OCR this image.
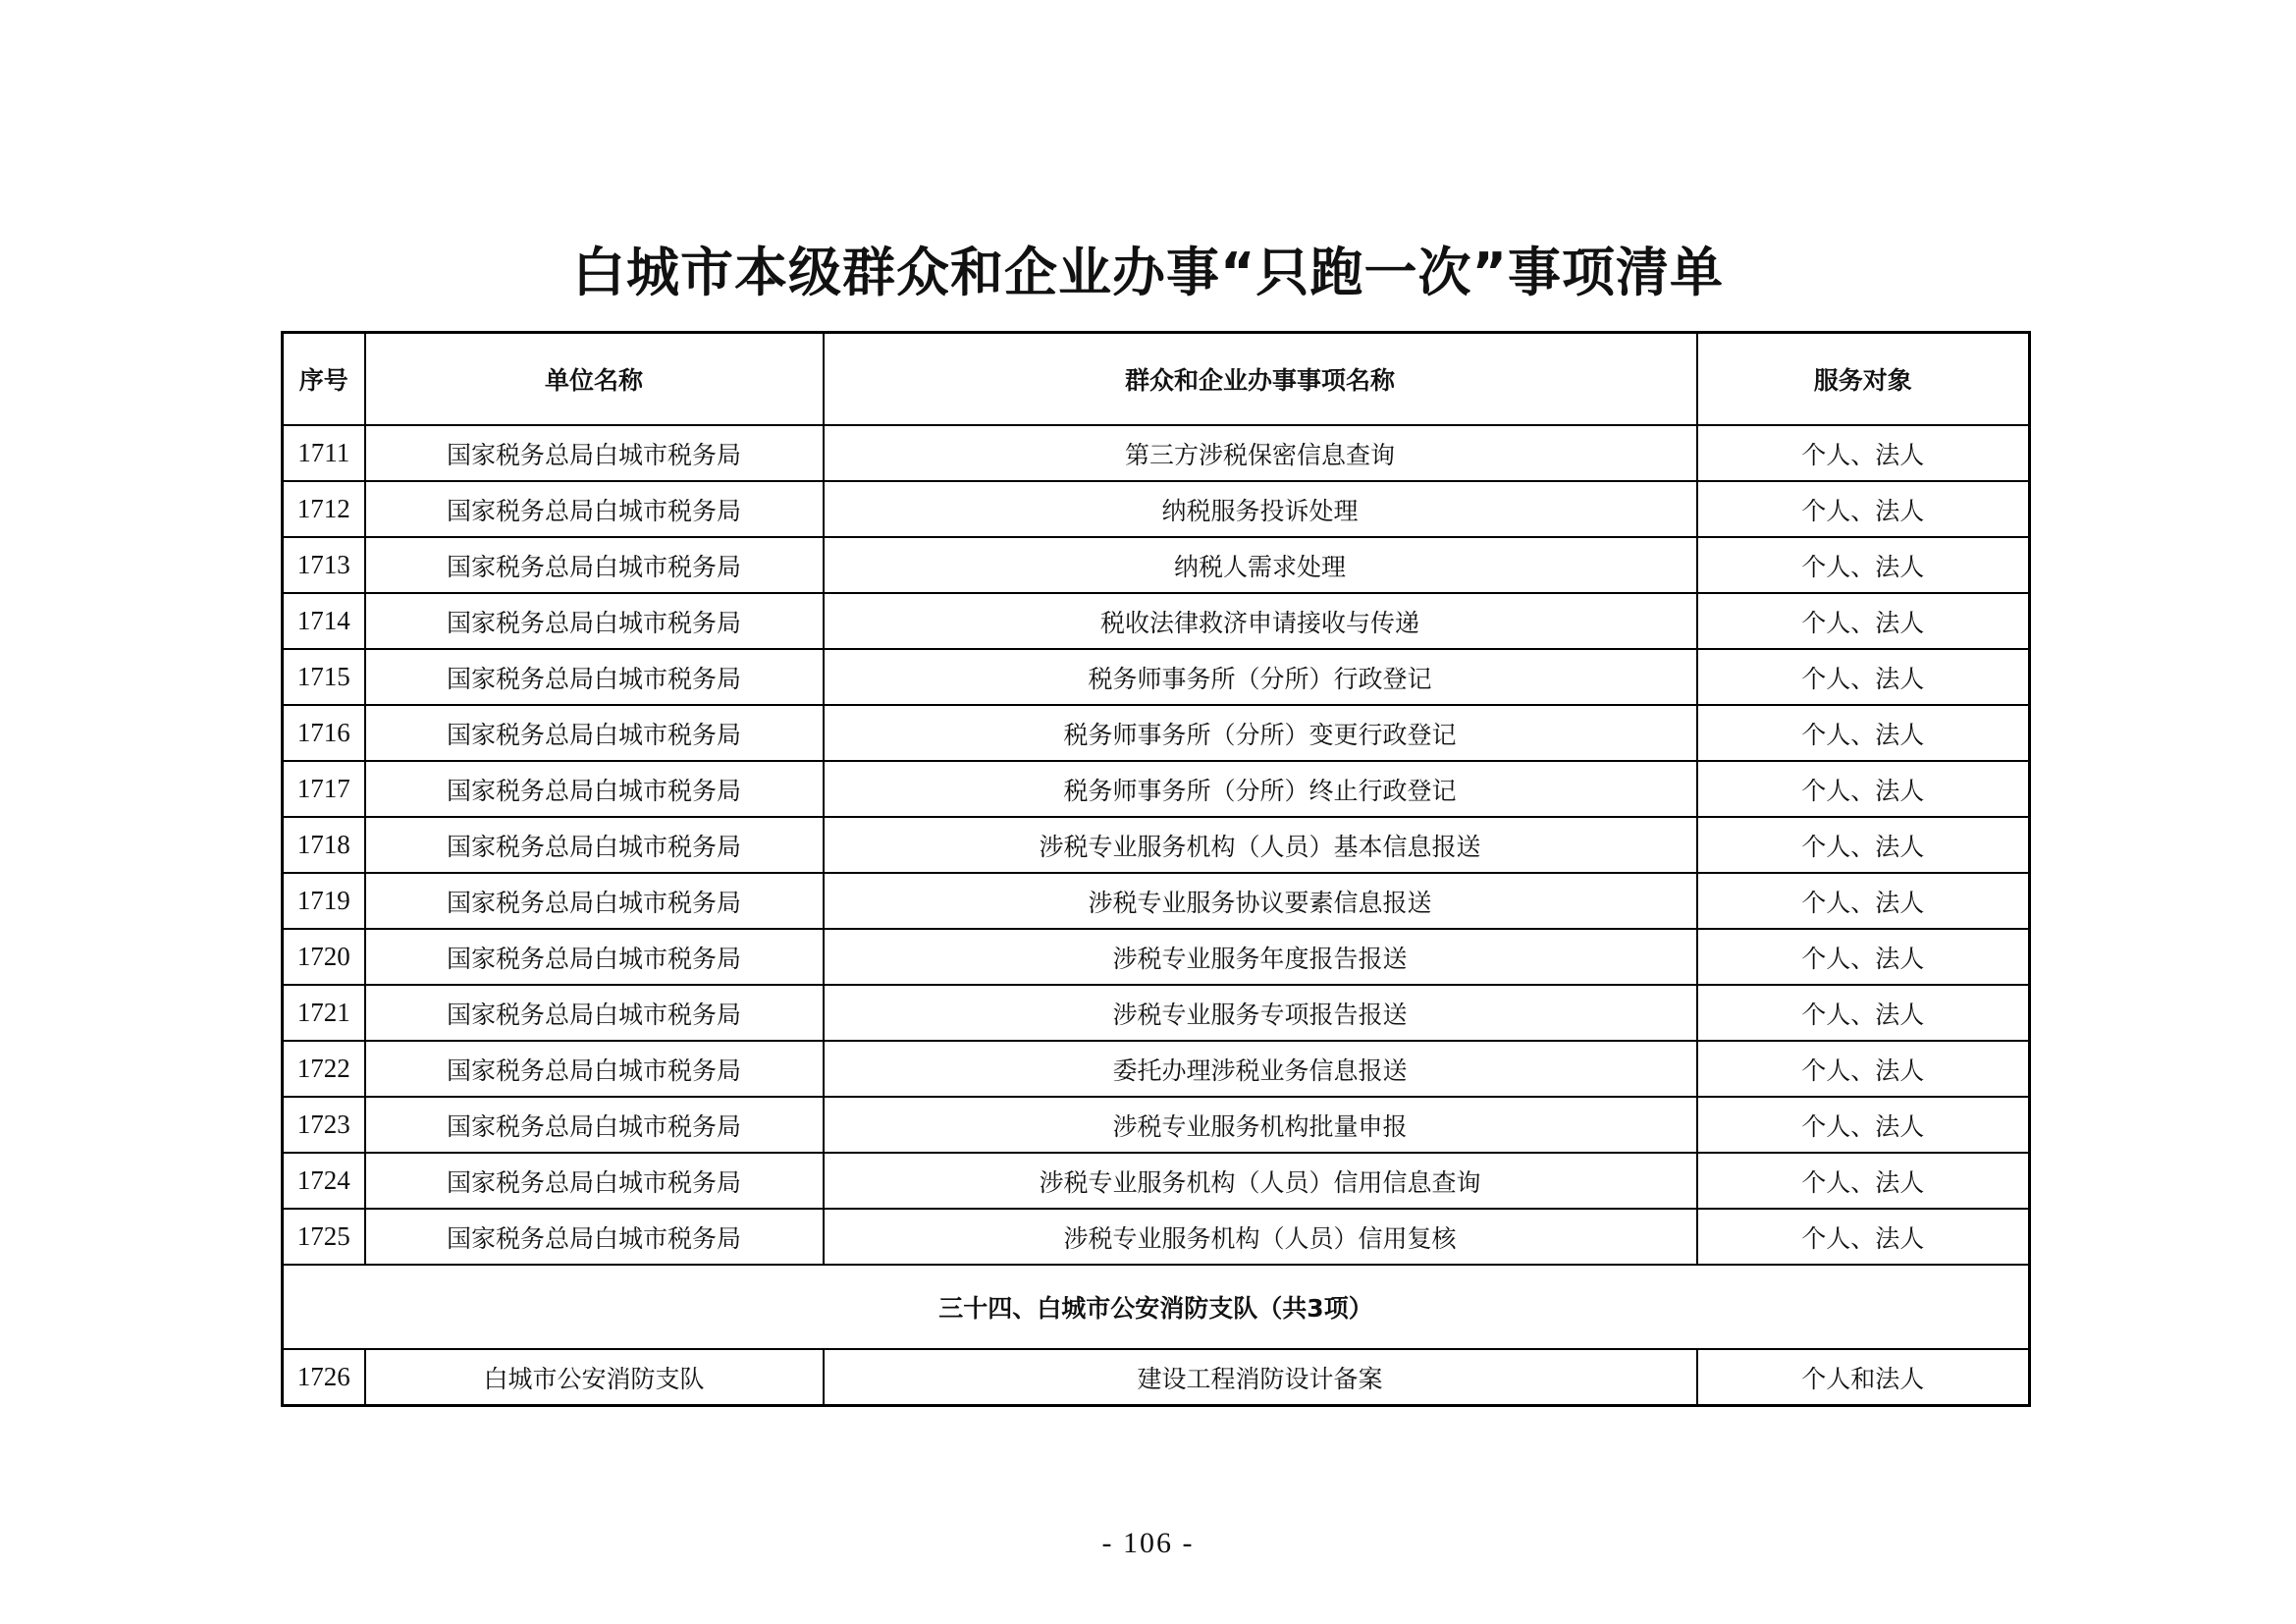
白城市本级群众和企业办事“只跑一次”事项清单
序号	单位名称	群众和企业办事事项名称	服务对象
1711	国家税务总局白城市税务局	第三方涉税保密信息查询	个人、法人
1712	国家税务总局白城市税务局	纳税服务投诉处理	个人、法人
1713	国家税务总局白城市税务局	纳税人需求处理	个人、法人
1714	国家税务总局白城市税务局	税收法律救济申请接收与传递	个人、法人
1715	国家税务总局白城市税务局	税务师事务所（分所）行政登记	个人、法人
1716	国家税务总局白城市税务局	税务师事务所（分所）变更行政登记	个人、法人
1717	国家税务总局白城市税务局	税务师事务所（分所）终止行政登记	个人、法人
1718	国家税务总局白城市税务局	涉税专业服务机构（人员）基本信息报送	个人、法人
1719	国家税务总局白城市税务局	涉税专业服务协议要素信息报送	个人、法人
1720	国家税务总局白城市税务局	涉税专业服务年度报告报送	个人、法人
1721	国家税务总局白城市税务局	涉税专业服务专项报告报送	个人、法人
1722	国家税务总局白城市税务局	委托办理涉税业务信息报送	个人、法人
1723	国家税务总局白城市税务局	涉税专业服务机构批量申报	个人、法人
1724	国家税务总局白城市税务局	涉税专业服务机构（人员）信用信息查询	个人、法人
1725	国家税务总局白城市税务局	涉税专业服务机构（人员）信用复核	个人、法人
三十四、白城市公安消防支队（共3项）			
1726	白城市公安消防支队	建设工程消防设计备案	个人和法人
- 106 -
